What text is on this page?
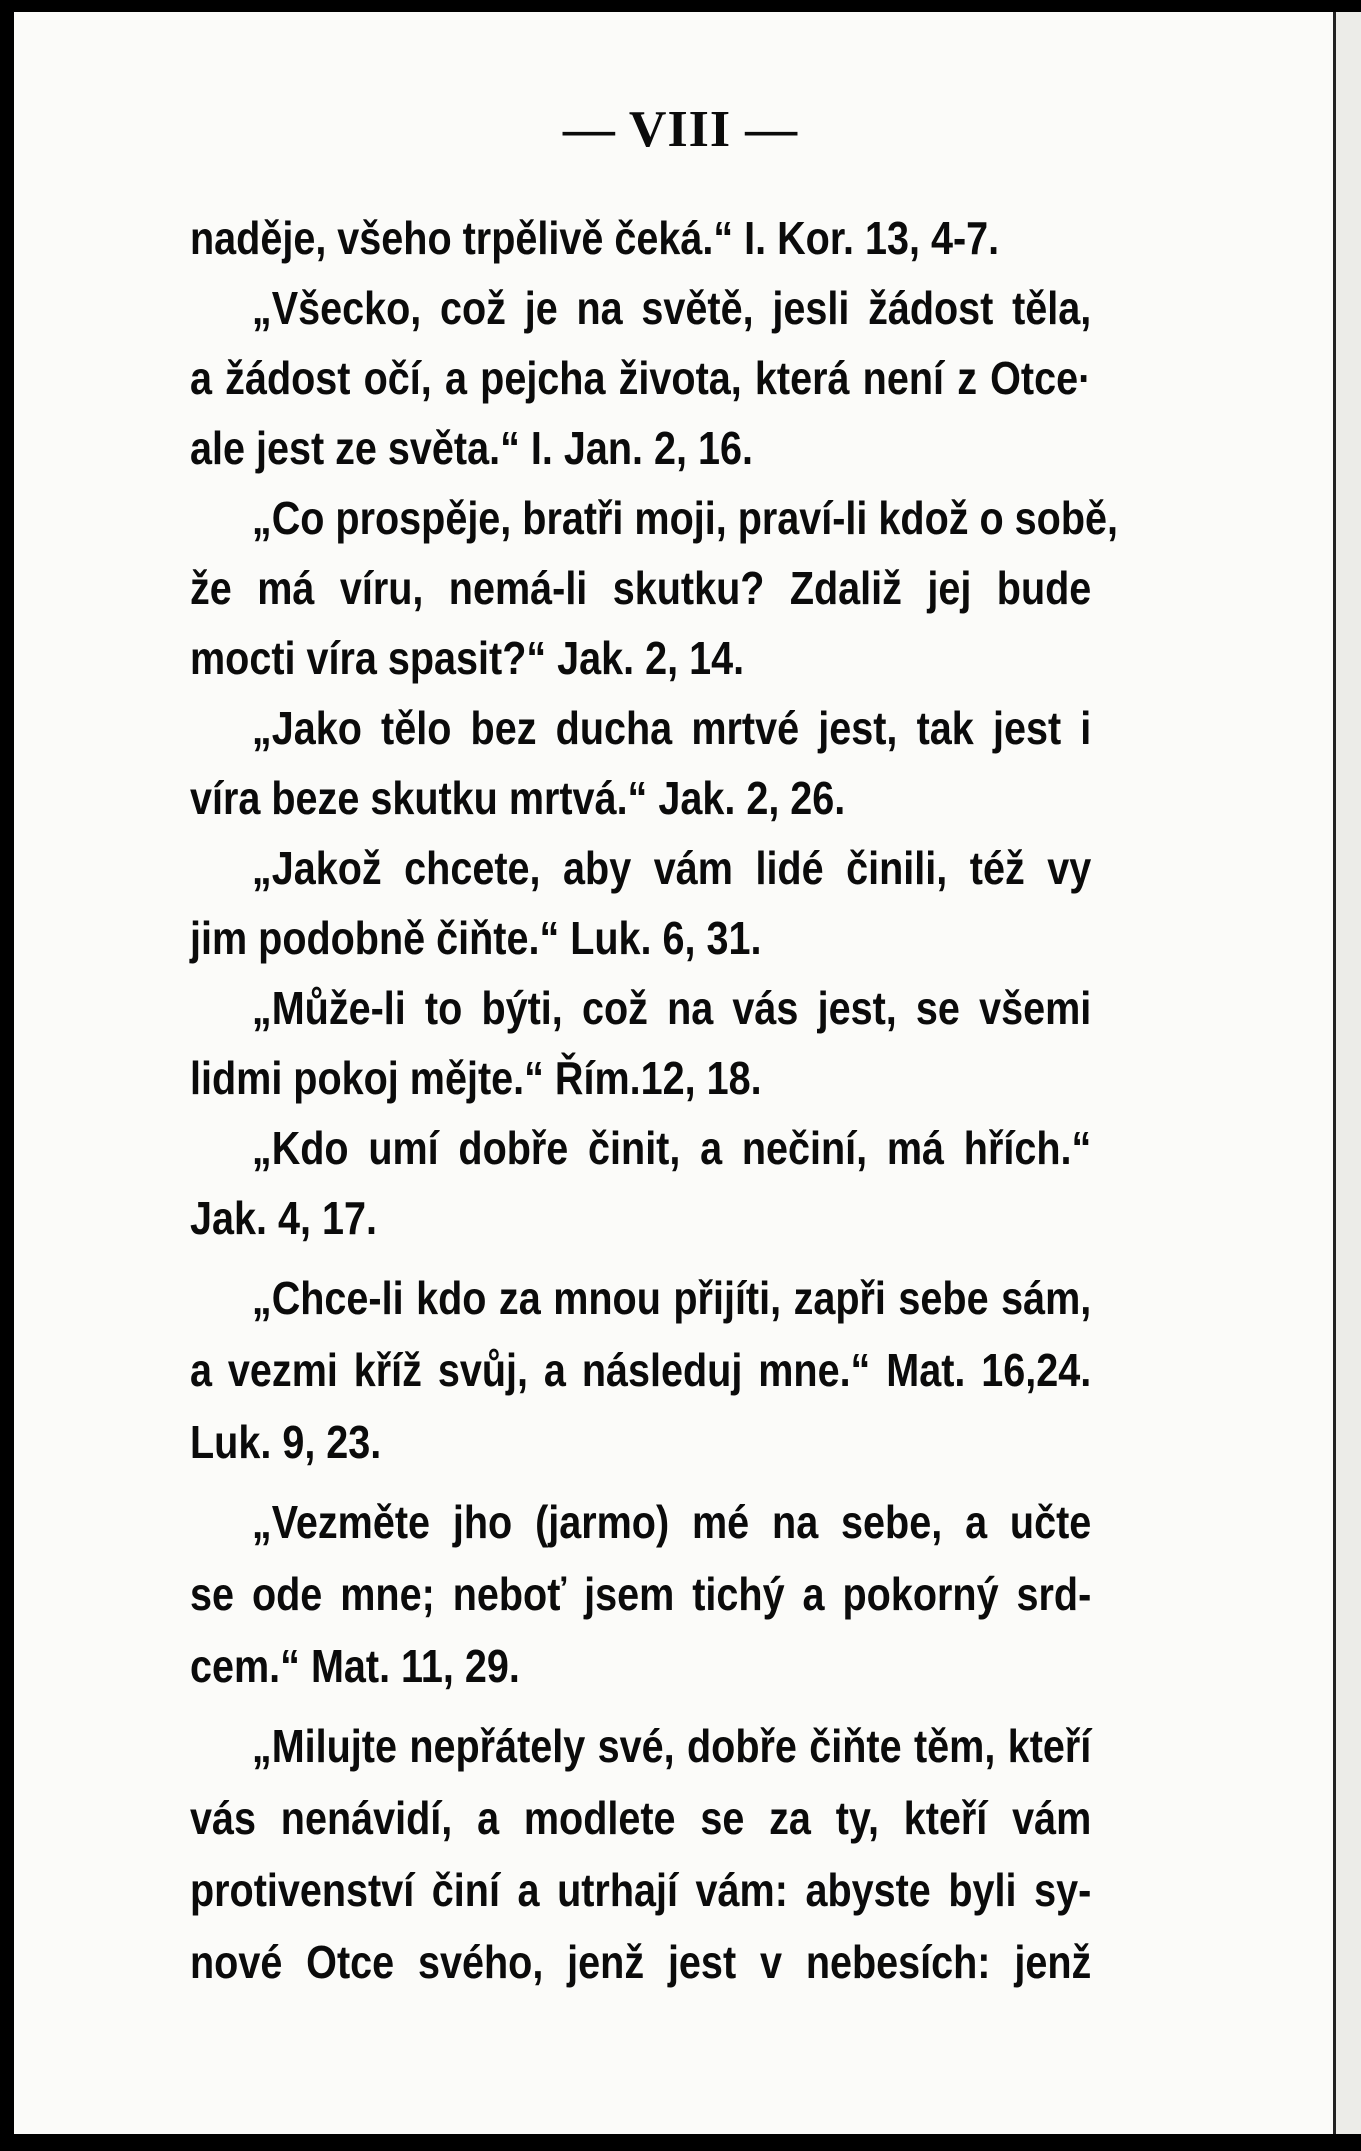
— VIII —
naděje, všeho trpělivě čeká.“ I. Kor. 13, 4-7.
„Všecko, což je na světě, jesli žádost těla,
a žádost očí, a pejcha života, která není z Otce·
ale jest ze světa.“ I. Jan. 2, 16.
„Co prospěje, bratři moji, praví-li kdož o sobě,
že má víru, nemá-li skutku? Zdaliž jej bude
mocti víra spasit?“ Jak. 2, 14.
„Jako tělo bez ducha mrtvé jest, tak jest i
víra beze skutku mrtvá.“ Jak. 2, 26.
„Jakož chcete, aby vám lidé činili, též vy
jim podobně čiňte.“ Luk. 6, 31.
„Může-li to býti, což na vás jest, se všemi
lidmi pokoj mějte.“ Řím.12, 18.
„Kdo umí dobře činit, a nečiní, má hřích.“
Jak. 4, 17.
„Chce-li kdo za mnou přijíti, zapři sebe sám,
a vezmi kříž svůj, a následuj mne.“ Mat. 16,24.
Luk. 9, 23.
„Vezměte jho (jarmo) mé na sebe, a učte
se ode mne; neboť jsem tichý a pokorný srd-
cem.“ Mat. 11, 29.
„Milujte nepřátely své, dobře čiňte těm, kteří
vás nenávidí, a modlete se za ty, kteří vám
protivenství činí a utrhají vám: abyste byli sy-
nové Otce svého, jenž jest v nebesích: jenž
